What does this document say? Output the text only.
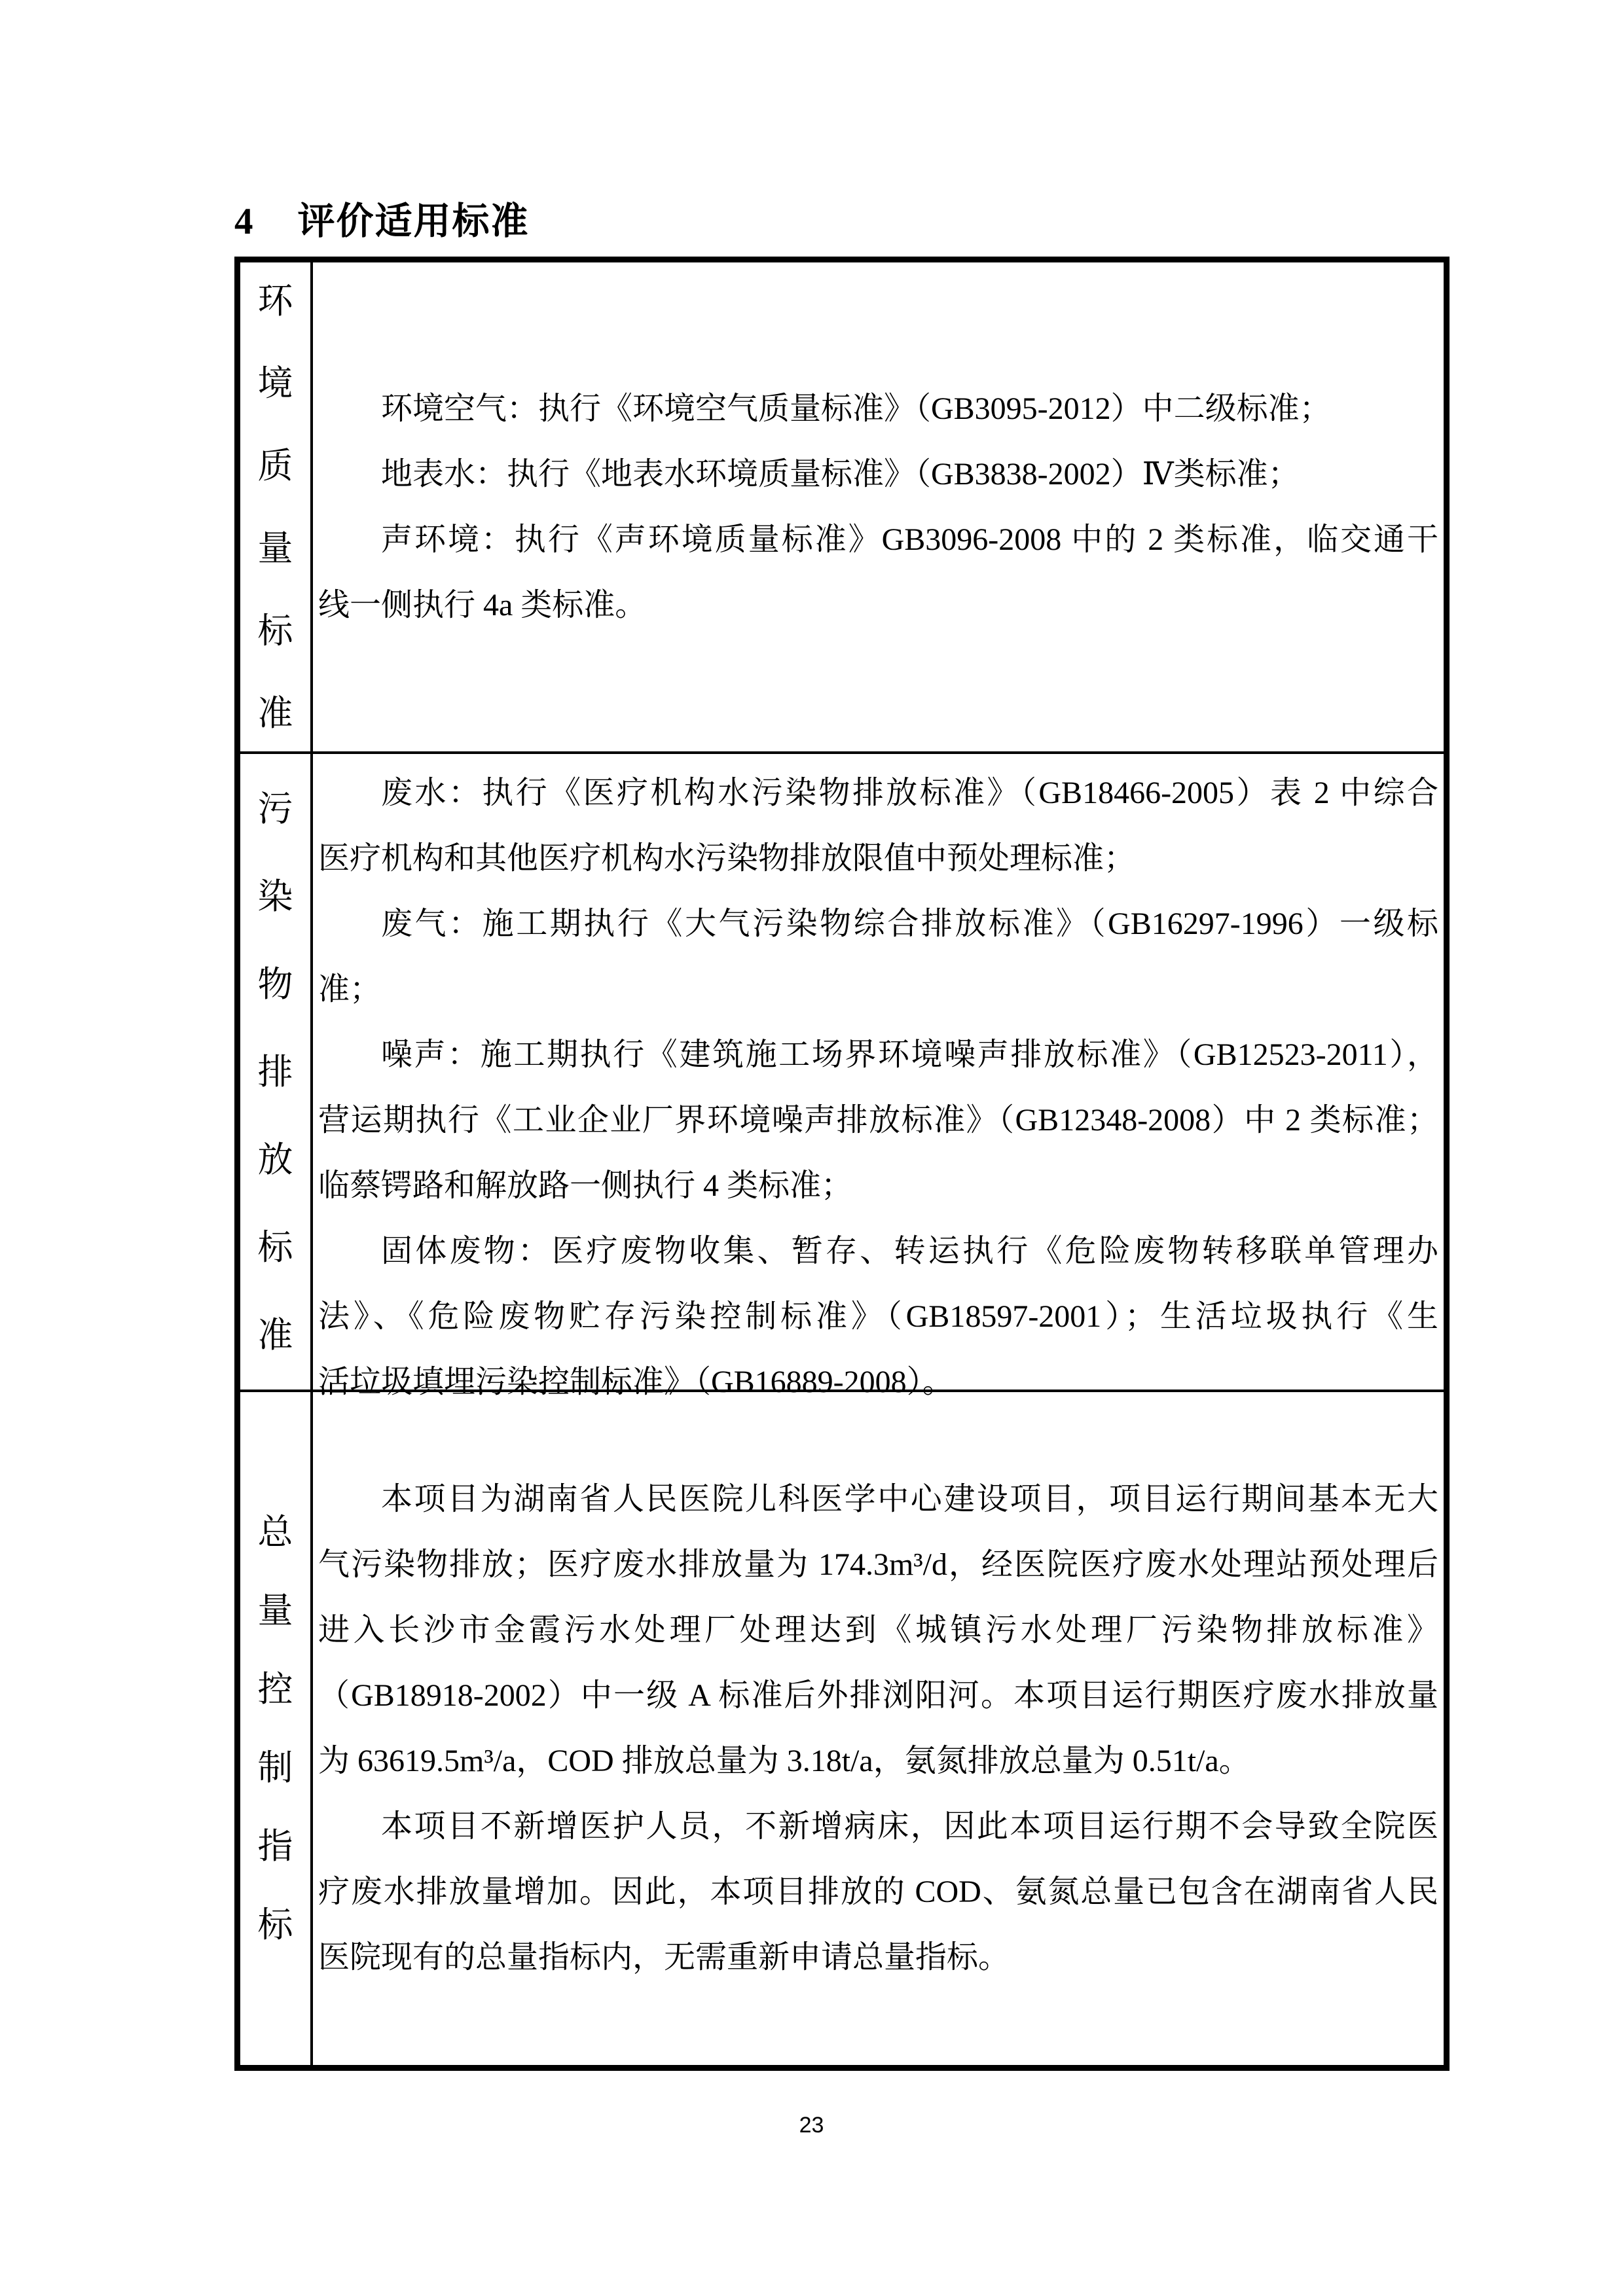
4 评价适用标准
环
境
质
量
标
准

环境空气：执行《环境空气质量标准》（GB3095-2012）中二级标准；

地表水：执行《地表水环境质量标准》（GB3838-2002）Ⅳ类标准；

声环境：执行《声环境质量标准》GB3096-2008 中的 2 类标准，临交通干
线一侧执行 4a 类标准。

污
染
物
排
放
标
准

废水：执行《医疗机构水污染物排放标准》（GB18466-2005）表 2 中综合
医疗机构和其他医疗机构水污染物排放限值中预处理标准；

废气：施工期执行《大气污染物综合排放标准》（GB16297-1996）一级标
准；

噪声：施工期执行《建筑施工场界环境噪声排放标准》（GB12523-2011），
营运期执行《工业企业厂界环境噪声排放标准》（GB12348-2008）中 2 类标准；
临蔡锷路和解放路一侧执行 4 类标准；

固体废物：医疗废物收集、暂存、转运执行《危险废物转移联单管理办
法》、《危险废物贮存污染控制标准》（GB18597-2001）；生活垃圾执行《生
活垃圾填埋污染控制标准》（GB16889-2008）。

总
量
控
制
指
标

本项目为湖南省人民医院儿科医学中心建设项目，项目运行期间基本无大
气污染物排放；医疗废水排放量为 174.3m³/d，经医院医疗废水处理站预处理后
进入长沙市金霞污水处理厂处理达到《城镇污水处理厂污染物排放标准》
（GB18918-2002）中一级 A 标准后外排浏阳河。本项目运行期医疗废水排放量
为 63619.5m³/a，COD 排放总量为 3.18t/a，氨氮排放总量为 0.51t/a。

本项目不新增医护人员，不新增病床，因此本项目运行期不会导致全院医
疗废水排放量增加。因此，本项目排放的 COD、氨氮总量已包含在湖南省人民
医院现有的总量指标内，无需重新申请总量指标。

23
